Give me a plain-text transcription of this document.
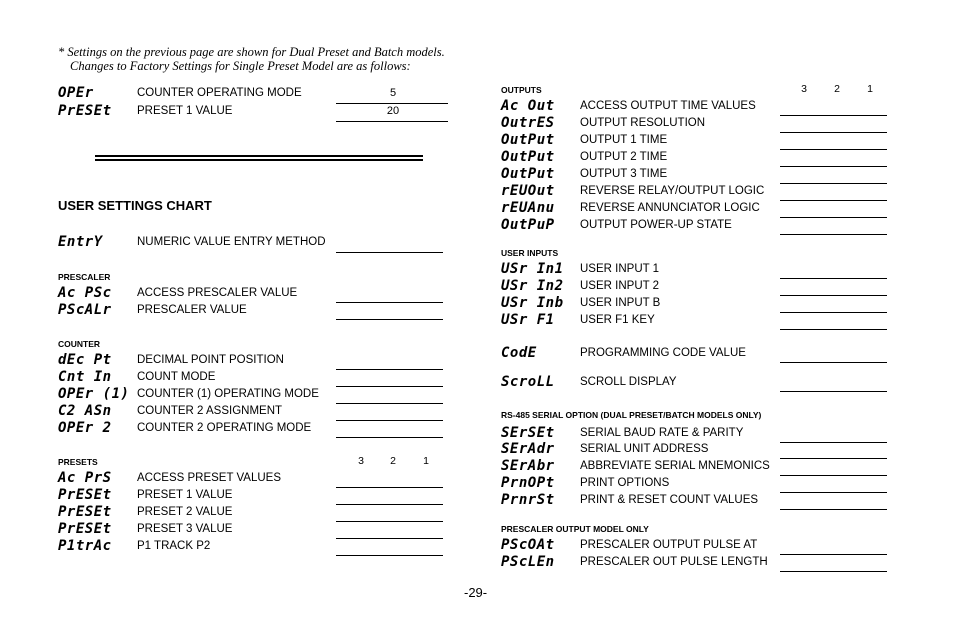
* Settings on the previous page are shown for Dual Preset and Batch models.
Changes to Factory Settings for Single Preset Model are as follows:
OPEr	COUNTER OPERATING MODE	5
PrESEt PRESET 1 VALUE	20
USER SETTINGS CHART
EntrY	NUMERIC VALUE ENTRY METHOD
PRESCALER
Ac PSc ACCESS PRESCALER VALUE
PScALr PRESCALER VALUE
COUNTER
dEc Pt DECIMAL POINT POSITION
Cnt In COUNT MODE
OPEr (1) COUNTER (1) OPERATING MODE
C2 ASn COUNTER 2 ASSIGNMENT
OPEr 2 COUNTER 2 OPERATING MODE
PRESETS	3	2	1
Ac PrS ACCESS PRESET VALUES
PrESEt PRESET 1 VALUE
PrESEt PRESET 2 VALUE
PrESEt PRESET 3 VALUE
P1trAc P1 TRACK P2
OUTPUTS	3	2	1
Ac Out ACCESS OUTPUT TIME VALUES
OutrES OUTPUT RESOLUTION
OutPut OUTPUT 1 TIME
OutPut OUTPUT 2 TIME
OutPut OUTPUT 3 TIME
rEUOut REVERSE RELAY/OUTPUT LOGIC
rEUAnu REVERSE ANNUNCIATOR LOGIC
OutPuP OUTPUT POWER-UP STATE
USER INPUTS
USr In1 USER INPUT 1
USr In2 USER INPUT 2
USr Inb USER INPUT B
USr F1 USER F1 KEY
CodE	PROGRAMMING CODE VALUE
ScroLL SCROLL DISPLAY
RS-485 SERIAL OPTION (DUAL PRESET/BATCH MODELS ONLY)
SErSEt SERIAL BAUD RATE & PARITY
SErAdr SERIAL UNIT ADDRESS
SErAbr ABBREVIATE SERIAL MNEMONICS
PrnOPt PRINT OPTIONS
PrnrSt PRINT & RESET COUNT VALUES
PRESCALER OUTPUT MODEL ONLY
PScOAt PRESCALER OUTPUT PULSE AT
PScLEn PRESCALER OUT PULSE LENGTH
-29-
